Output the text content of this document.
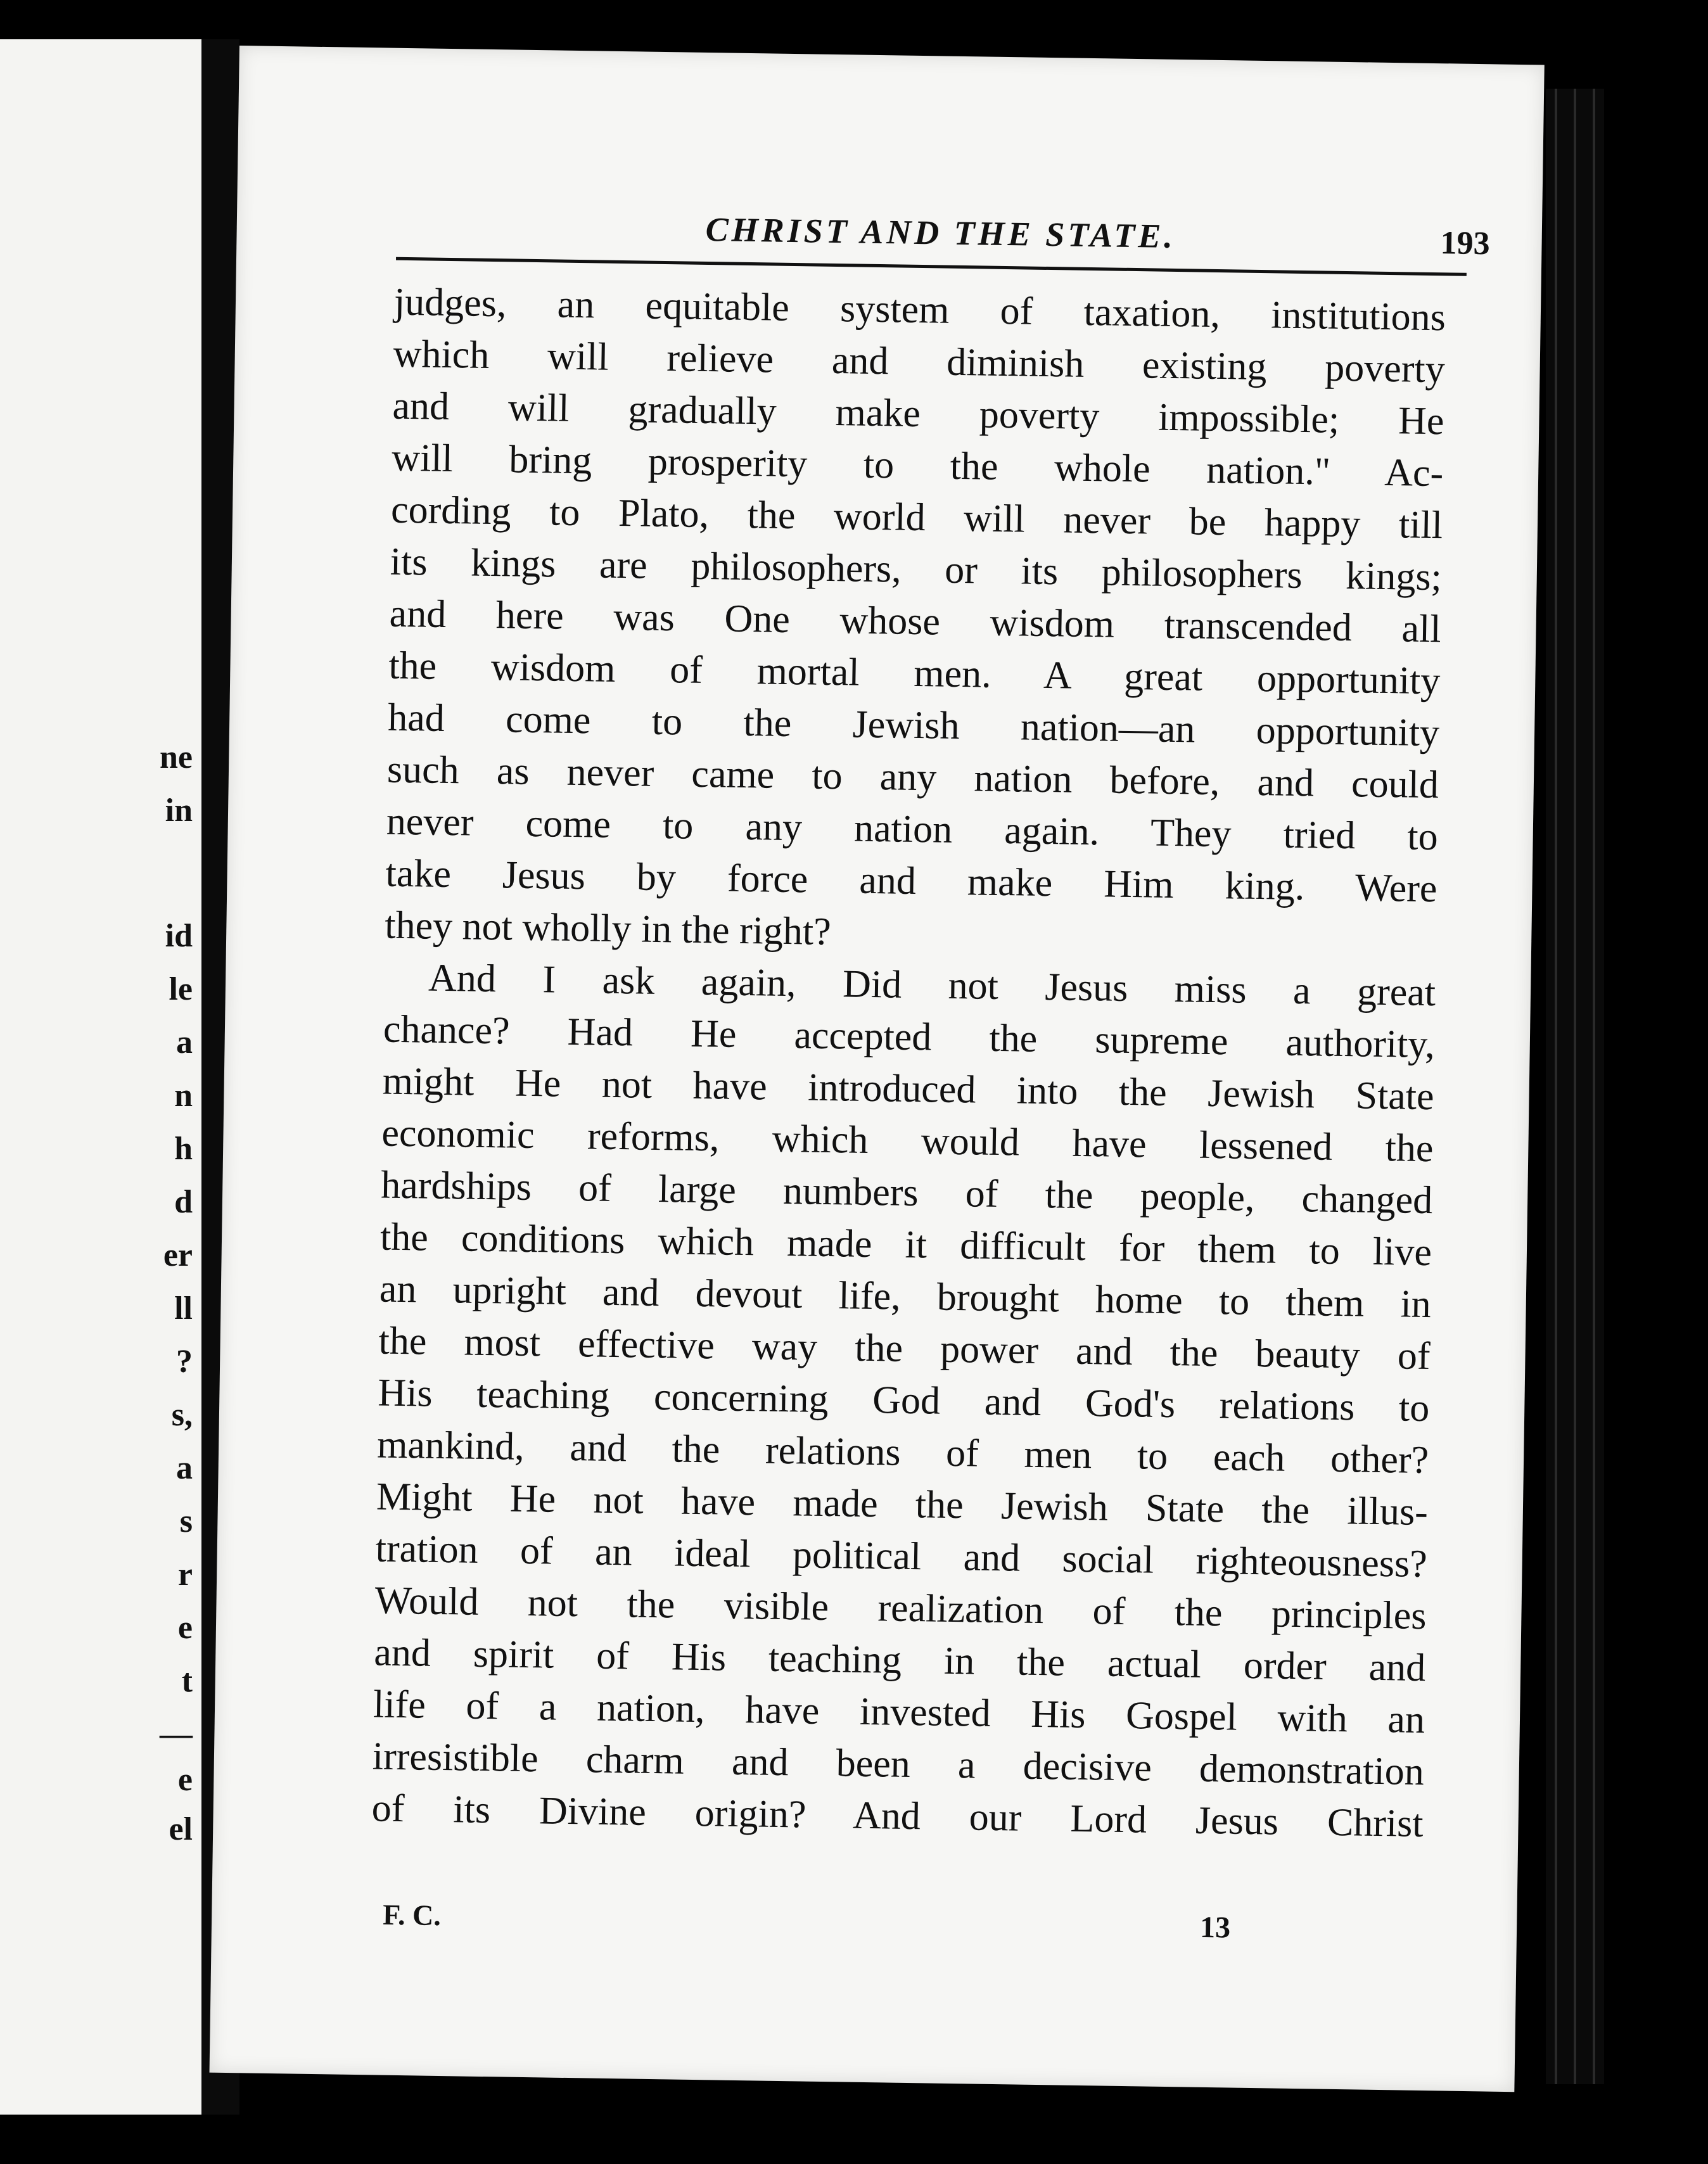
ne
in
id
le
a
n
h
d
er
ll
?
s,
a
s
r
e
t
—
e
el
CHRIST AND THE STATE.	193
judges, an equitable system of taxation, institutions
which will relieve and diminish existing poverty
and will gradually make poverty impossible; He
will bring prosperity to the whole nation." Ac-
cording to Plato, the world will never be happy till
its kings are philosophers, or its philosophers kings;
and here was One whose wisdom transcended all
the wisdom of mortal men. A great opportunity
had come to the Jewish nation—an opportunity
such as never came to any nation before, and could
never come to any nation again. They tried to
take Jesus by force and make Him king. Were
they not wholly in the right?
And I ask again, Did not Jesus miss a great
chance? Had He accepted the supreme authority,
might He not have introduced into the Jewish State
economic reforms, which would have lessened the
hardships of large numbers of the people, changed
the conditions which made it difficult for them to live
an upright and devout life, brought home to them in
the most effective way the power and the beauty of
His teaching concerning God and God's relations to
mankind, and the relations of men to each other?
Might He not have made the Jewish State the illus-
tration of an ideal political and social righteousness?
Would not the visible realization of the principles
and spirit of His teaching in the actual order and
life of a nation, have invested His Gospel with an
irresistible charm and been a decisive demonstration
of its Divine origin? And our Lord Jesus Christ
F. C.	13
